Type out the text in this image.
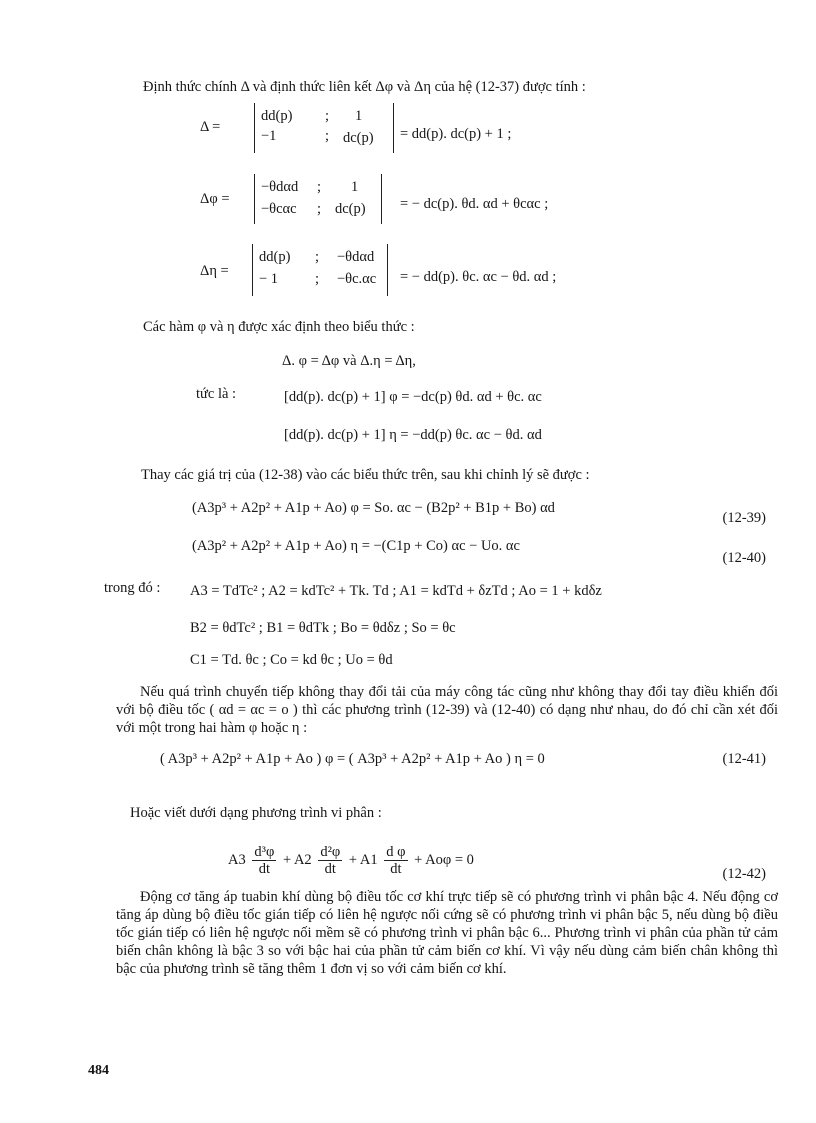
Định thức chính Δ và định thức liên kết Δφ và Δη của hệ (12-37) được tính :
Δ =
dd(p) ; 1
−1	; dc(p) = dd(p). dc(p) + 1 ;
Δφ =
−θdαd ; 1
−θcαc ; dc(p) = − dc(p). θd. αd + θcαc ;
Δη =
dd(p) ; −θdαd
− 1	; −θc.αc = − dd(p). θc. αc − θd. αd ;
Các hàm φ và η được xác định theo biểu thức :
Δ. φ = Δφ và Δ.η = Δη,
tức là :	[dd(p). dc(p) + 1] φ = −dc(p) θd. αd + θc. αc
[dd(p). dc(p) + 1] η = −dd(p) θc. αc − θd. αd
Thay các giá trị của (12-38) vào các biểu thức trên, sau khi chỉnh lý sẽ được :
(A3p³ + A2p² + A1p + Ao) φ = So. αc − (B2p² + B1p + Bo) αd
(12-39)
(A3p² + A2p² + A1p + Ao) η = −(C1p + Co) αc − Uo. αc
(12-40)
trong đó : A3 = TdTc² ; A2 = kdTc² + Tk. Td ; A1 = kdTd + δzTd ; Ao = 1 + kdδz
B2 = θdTc² ; B1 = θdTk ; Bo = θdδz ; So = θc
C1 = Td. θc ; Co = kd θc ; Uo = θd
Nếu quá trình chuyển tiếp không thay đổi tải của máy công tác cũng như không thay đổi tay điều khiển đối với bộ điều tốc ( αd = αc = o ) thì các phương trình (12-39) và (12-40) có dạng như nhau, do đó chỉ cần xét đối với một trong hai hàm φ hoặc η :
( A3p³ + A2p² + A1p + Ao ) φ = ( A3p³ + A2p² + A1p + Ao ) η = 0	(12-41)
Hoặc viết dưới dạng phương trình vi phân :
$A3 \frac{\text{d³φ}}{dt} + A2 \frac{\text{d²φ}}{dt} + A1 \frac{\text{d φ}}{dt} + Ao\varphi = 0$
(12-42)
Động cơ tăng áp tuabin khí dùng bộ điều tốc cơ khí trực tiếp sẽ có phương trình vi phân bậc 4. Nếu động cơ tăng áp dùng bộ điều tốc gián tiếp có liên hệ ngược nối cứng sẽ có phương trình vi phân bậc 5, nếu dùng bộ điều tốc gián tiếp có liên hệ ngược nối mềm sẽ có phương trình vi phân bậc 6... Phương trình vi phân của phần tử cảm biến chân không là bậc 3 so với bậc hai của phần tử cảm biến cơ khí. Vì vậy nếu dùng cảm biến chân không thì bậc của phương trình sẽ tăng thêm 1 đơn vị so với cảm biến cơ khí.
484
